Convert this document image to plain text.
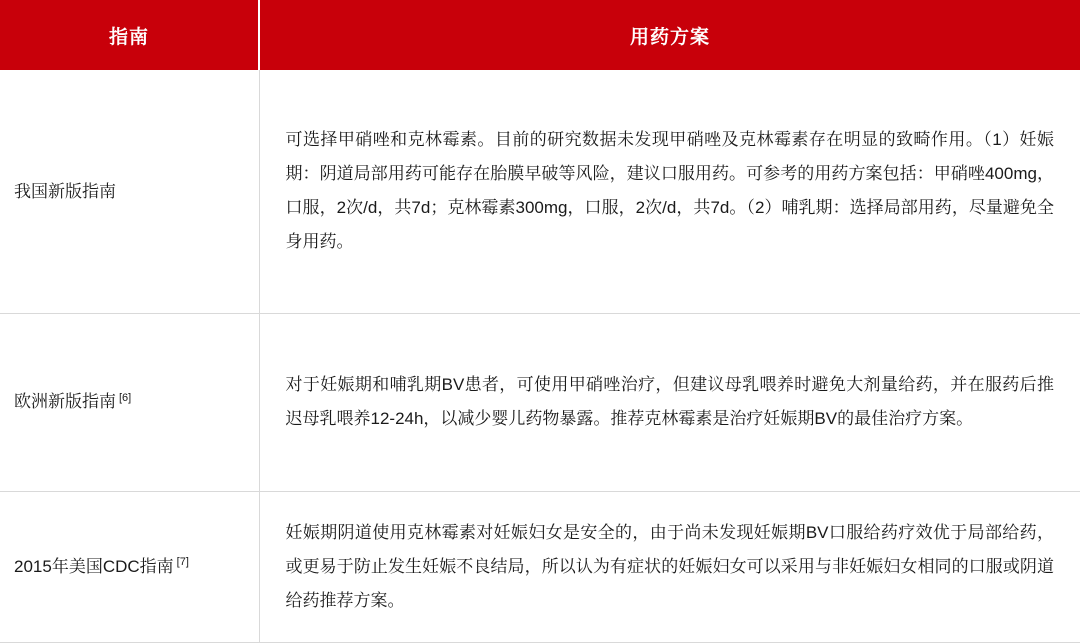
指南	用药方案
我国新版指南	可选择甲硝唑和克林霉素。目前的研究数据未发现甲硝唑及克林霉素存在明显的致畸作用。（1）妊娠期：阴道局部用药可能存在胎膜早破等风险，建议口服用药。可参考的用药方案包括：甲硝唑400mg，口服，2次/d，共7d；克林霉素300mg，口服，2次/d，共7d。（2）哺乳期：选择局部用药，尽量避免全身用药。
欧洲新版指南 [6]	对于妊娠期和哺乳期BV患者，可使用甲硝唑治疗，但建议母乳喂养时避免大剂量给药，并在服药后推迟母乳喂养12-24h，以减少婴儿药物暴露。推荐克林霉素是治疗妊娠期BV的最佳治疗方案。
2015年美国CDC指南 [7]	妊娠期阴道使用克林霉素对妊娠妇女是安全的，由于尚未发现妊娠期BV口服给药疗效优于局部给药，或更易于防止发生妊娠不良结局，所以认为有症状的妊娠妇女可以采用与非妊娠妇女相同的口服或阴道给药推荐方案。
